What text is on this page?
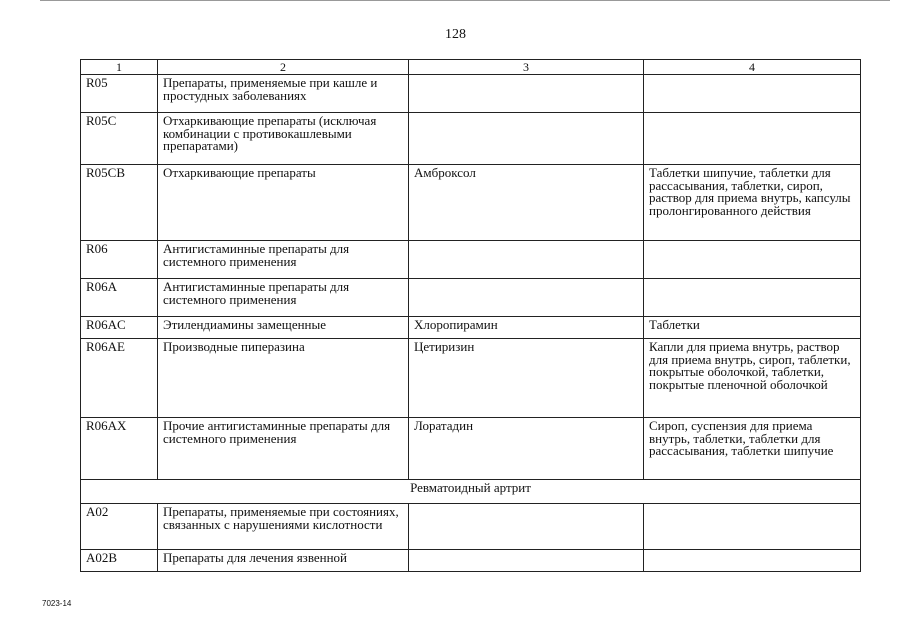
128
1	2	3	4
R05	Препараты, применяемые при кашле и простудных заболеваниях		
R05C	Отхаркивающие препараты (исключая комбинации с противокашлевыми препаратами)		
R05CB	Отхаркивающие препараты	Амброксол	Таблетки шипучие, таблетки для рассасывания, таблетки, сироп, раствор для приема внутрь, капсулы пролонгированного действия
R06	Антигистаминные препараты для системного применения		
R06A	Антигистаминные препараты для системного применения		
R06AC	Этилендиамины замещенные	Хлоропирамин	Таблетки
R06AE	Производные пиперазина	Цетиризин	Капли для приема внутрь, раствор для приема внутрь, сироп, таблетки, покрытые оболочкой, таблетки, покрытые пленочной оболочкой
R06AX	Прочие антигистаминные препараты для системного применения	Лоратадин	Сироп, суспензия для приема внутрь, таблетки, таблетки для рассасывания, таблетки шипучие
Ревматоидный артрит			
A02	Препараты, применяемые при состояниях, связанных с нарушениями кислотности		
A02B	Препараты для лечения язвенной		
7023-14
